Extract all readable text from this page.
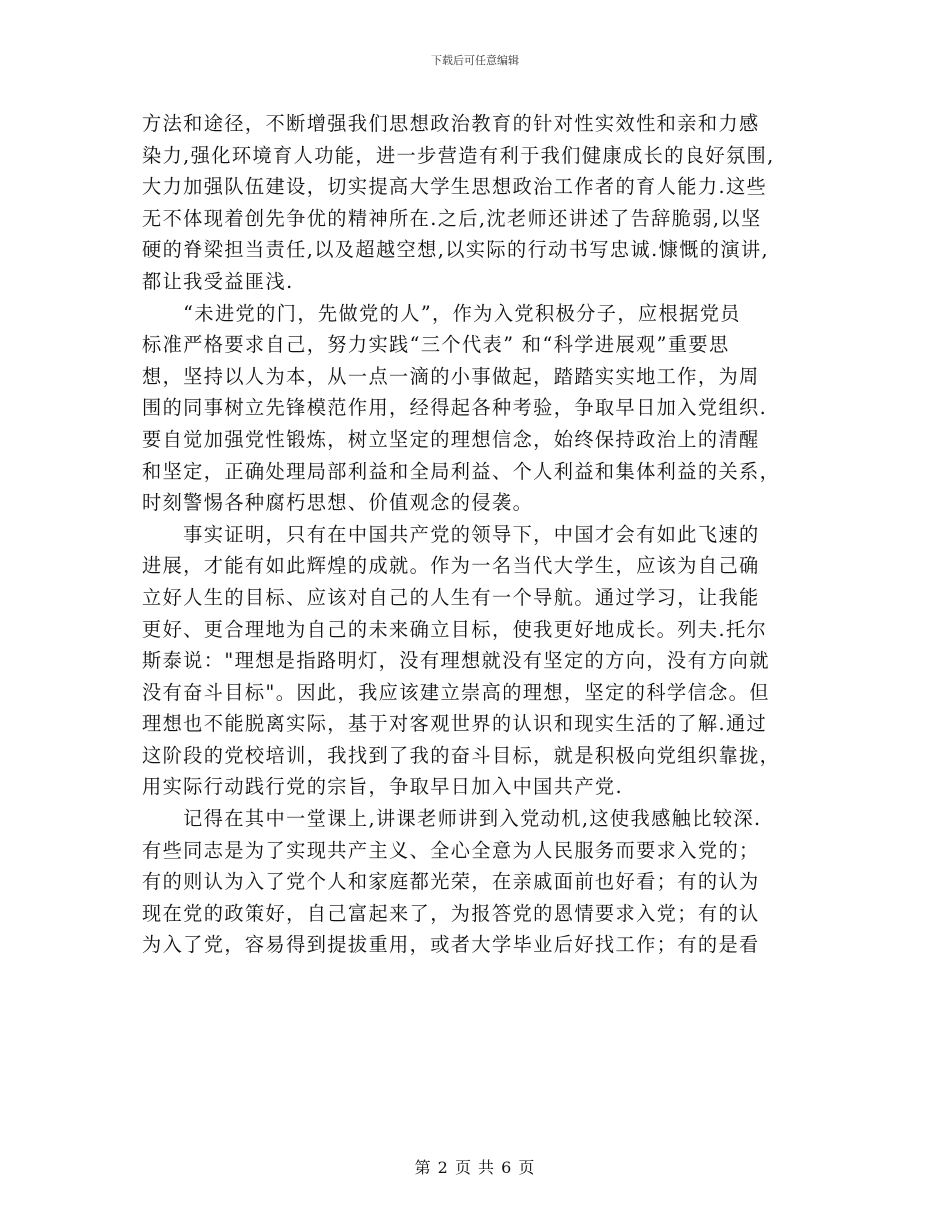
下载后可任意编辑
方法和途径，不断增强我们思想政治教育的针对性实效性和亲和力感
染力,强化环境育人功能，进一步营造有利于我们健康成长的良好氛围,
大力加强队伍建设，切实提高大学生思想政治工作者的育人能力.这些
无不体现着创先争优的精神所在.之后,沈老师还讲述了告辞脆弱,以坚
硬的脊梁担当责任,以及超越空想,以实际的行动书写忠诚.慷慨的演讲,
都让我受益匪浅.
　　“未进党的门，先做党的人”，作为入党积极分子，应根据党员
标准严格要求自己，努力实践“三个代表” 和“科学进展观”重要思
想，坚持以人为本，从一点一滴的小事做起，踏踏实实地工作，为周
围的同事树立先锋模范作用，经得起各种考验，争取早日加入党组织.
要自觉加强党性锻炼，树立坚定的理想信念，始终保持政治上的清醒
和坚定，正确处理局部利益和全局利益、个人利益和集体利益的关系，
时刻警惕各种腐朽思想、价值观念的侵袭。
　　事实证明，只有在中国共产党的领导下，中国才会有如此飞速的
进展，才能有如此辉煌的成就。作为一名当代大学生，应该为自己确
立好人生的目标、应该对自己的人生有一个导航。通过学习，让我能
更好、更合理地为自己的未来确立目标，使我更好地成长。列夫.托尔
斯泰说："理想是指路明灯，没有理想就没有坚定的方向，没有方向就
没有奋斗目标"。因此，我应该建立崇高的理想，坚定的科学信念。但
理想也不能脱离实际，基于对客观世界的认识和现实生活的了解.通过
这阶段的党校培训，我找到了我的奋斗目标，就是积极向党组织靠拢，
用实际行动践行党的宗旨，争取早日加入中国共产党.
　　记得在其中一堂课上,讲课老师讲到入党动机,这使我感触比较深.
有些同志是为了实现共产主义、全心全意为人民服务而要求入党的；
有的则认为入了党个人和家庭都光荣，在亲戚面前也好看；有的认为
现在党的政策好，自己富起来了，为报答党的恩情要求入党；有的认
为入了党，容易得到提拔重用，或者大学毕业后好找工作；有的是看
第 2 页 共 6 页
